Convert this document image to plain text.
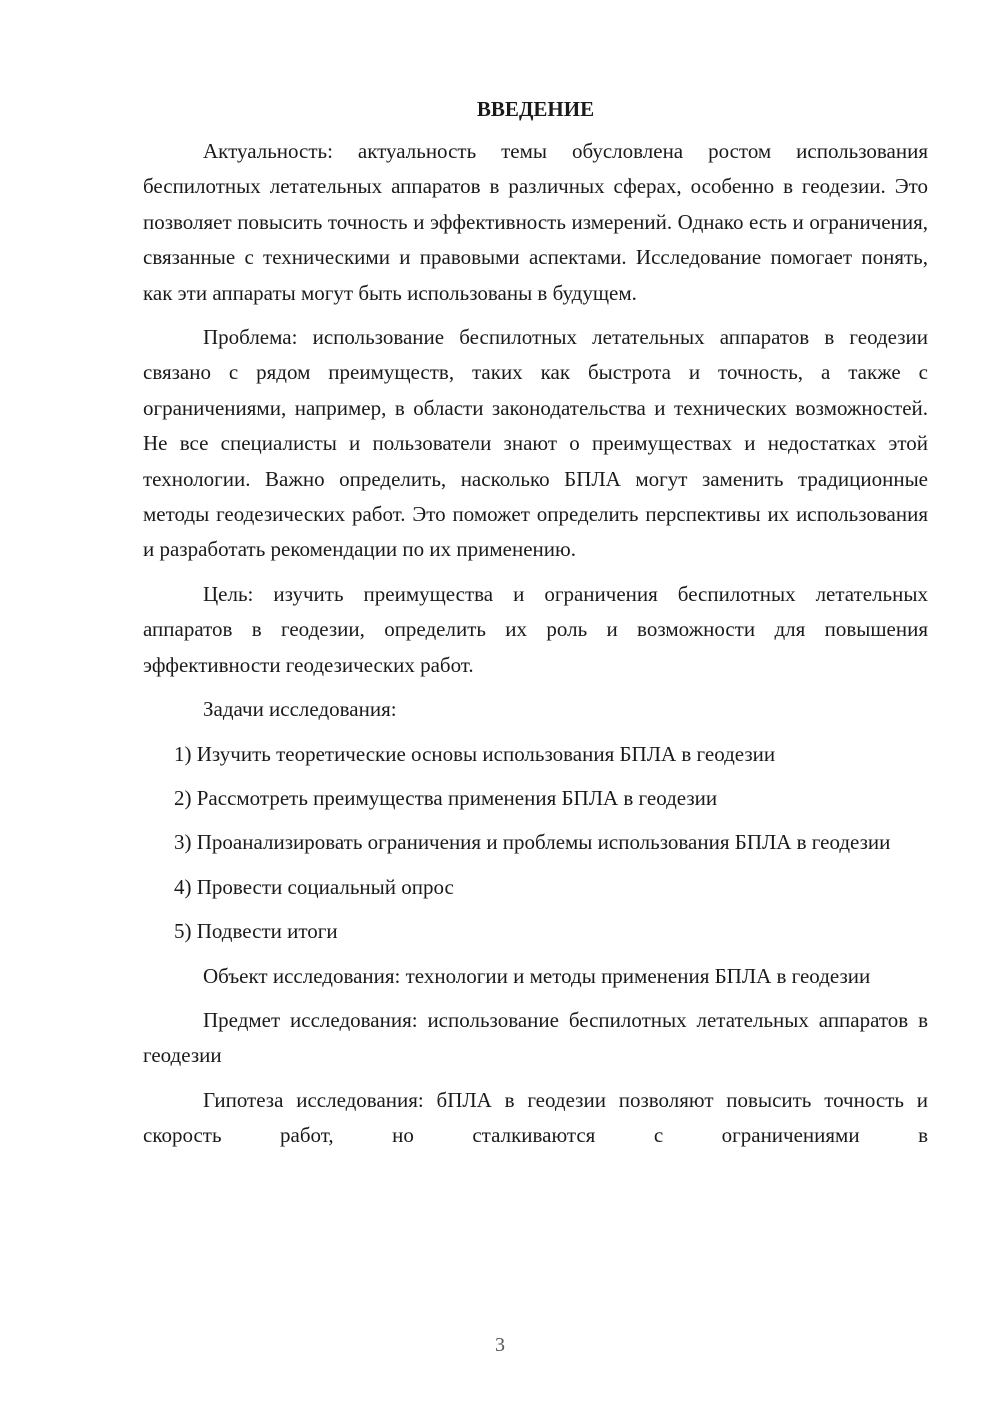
ВВЕДЕНИЕ

Актуальность: актуальность темы обусловлена ростом использования беспилотных летательных аппаратов в различных сферах, особенно в геодезии. Это позволяет повысить точность и эффективность измерений. Однако есть и ограничения, связанные с техническими и правовыми аспектами. Исследование помогает понять, как эти аппараты могут быть использованы в будущем.

Проблема: использование беспилотных летательных аппаратов в геодезии связано с рядом преимуществ, таких как быстрота и точность, а также с ограничениями, например, в области законодательства и технических возможностей. Не все специалисты и пользователи знают о преимуществах и недостатках этой технологии. Важно определить, насколько БПЛА могут заменить традиционные методы геодезических работ. Это поможет определить перспективы их использования и разработать рекомендации по их применению.

Цель: изучить преимущества и ограничения беспилотных летательных аппаратов в геодезии, определить их роль и возможности для повышения эффективности геодезических работ.

Задачи исследования:

1) Изучить теоретические основы использования БПЛА в геодезии

2) Рассмотреть преимущества применения БПЛА в геодезии

3) Проанализировать ограничения и проблемы использования БПЛА в геодезии

4) Провести социальный опрос

5) Подвести итоги

Объект исследования: технологии и методы применения БПЛА в геодезии

Предмет исследования: использование беспилотных летательных аппаратов в геодезии

Гипотеза исследования: бПЛА в геодезии позволяют повысить точность и скорость работ, но сталкиваются с ограничениями в

3
